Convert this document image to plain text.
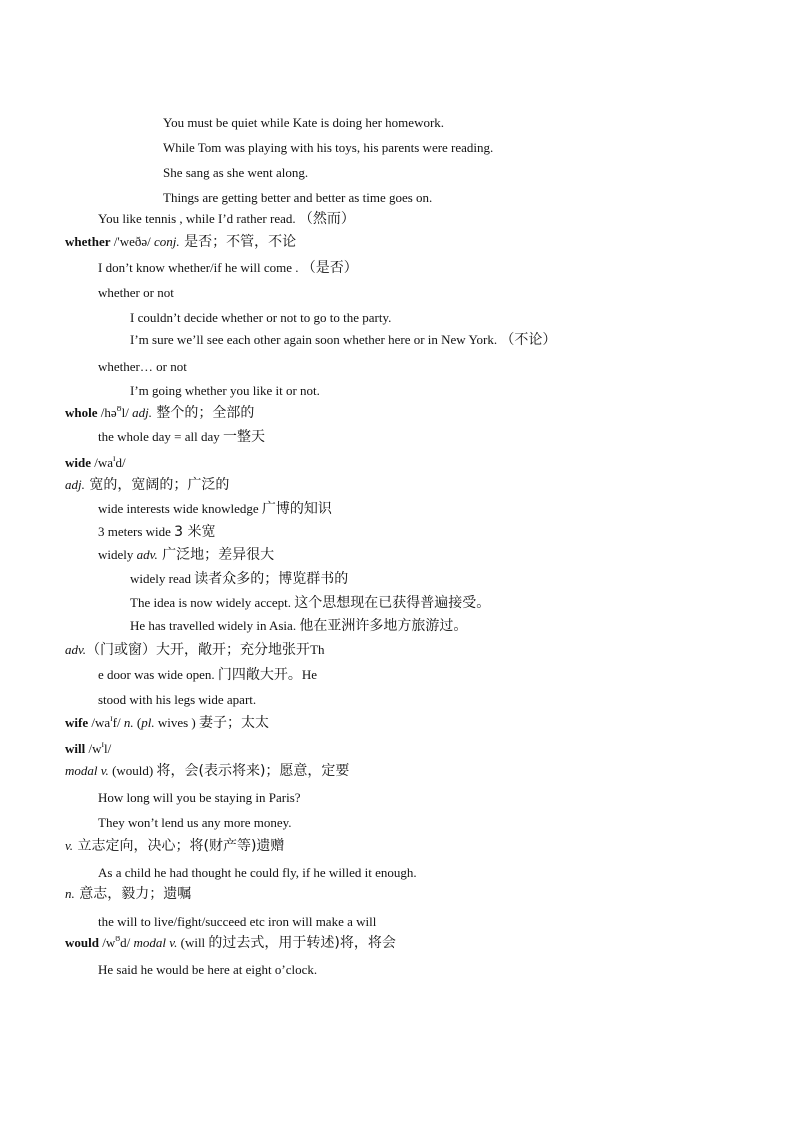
You must be quiet while Kate is doing her homework.
While Tom was playing with his toys, his parents were reading.
She sang as she went along.
Things are getting better and better as time goes on.
You like tennis , while I’d rather read. （然而）
whether /'weðə/ conj. 是否；不管，不论
I don’t know whether/if he will come . （是否）
whether or not
I couldn’t decide whether or not to go to the party.
I’m sure we’ll see each other again soon whether here or in New York. （不论）
whether… or not
I’m going whether you like it or not.
whole /hə$^ʊ$l/ adj. 整个的；全部的
the whole day = all day 一整天
wide $/wa^ɪd/$
adj. 宽的，宽阔的；广泛的
wide interests wide knowledge 广博的知识
3 meters wide 3 米宽
widely adv. 广泛地；差异很大
widely read 读者众多的；博览群书的
The idea is now widely accept. 这个思想现在已获得普遍接受。
He has travelled widely in Asia. 他在亚洲许多地方旅游过。
adv.（门或窗）大开，敞开；充分地张开Th
e door was wide open. 门四敞大开。He
stood with his legs wide apart.
wife $/wa^ɪf/$ n. (pl. wives ) 妻子；太太
will $/w^ɪl/$
modal v. (would) 将，会(表示将来)；愿意，定要
How long will you be staying in Paris?
They won’t lend us any more money.
v. 立志定向，决心；将(财产等)遗赠
As a child he had thought he could fly, if he willed it enough.
n. 意志，毅力；遗嘱
the will to live/fight/succeed etc iron will make a will
would $/w^ʊd/$ modal v. (will 的过去式，用于转述)将，将会
He said he would be here at eight o’clock.
